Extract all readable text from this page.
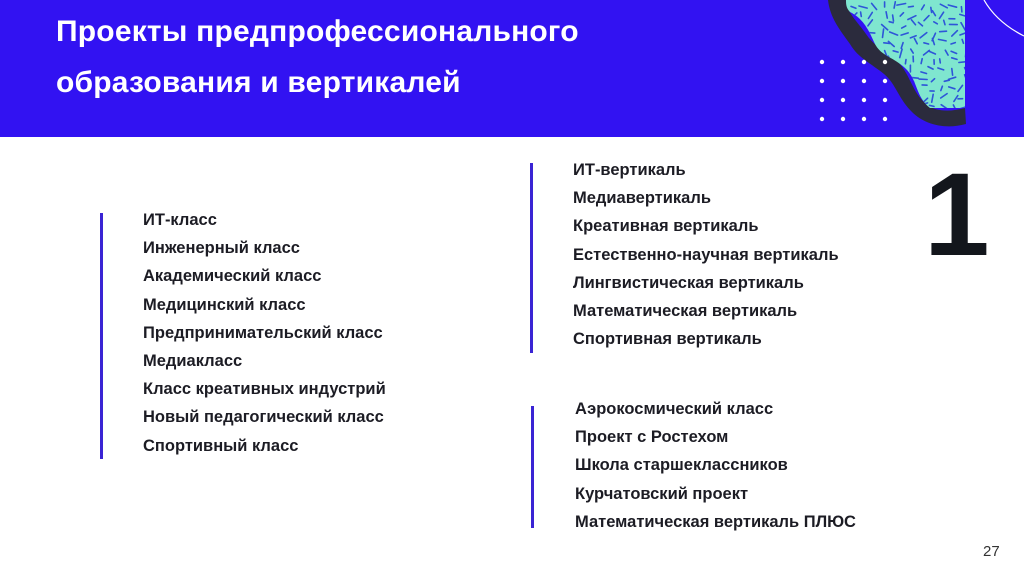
Проекты предпрофессионального
образования и вертикалей
ИТ-класс
Инженерный класс
Академический класс
Медицинский класс
Предпринимательский класс
Медиакласс
Класс креативных индустрий
Новый педагогический класс
Спортивный класс
ИТ-вертикаль
Медиавертикаль
Креативная вертикаль
Естественно-научная вертикаль
Лингвистическая вертикаль
Математическая вертикаль
Спортивная вертикаль
Аэрокосмический класс
Проект с Ростехом
Школа старшеклассников
Курчатовский проект
Математическая вертикаль ПЛЮС
1
27
